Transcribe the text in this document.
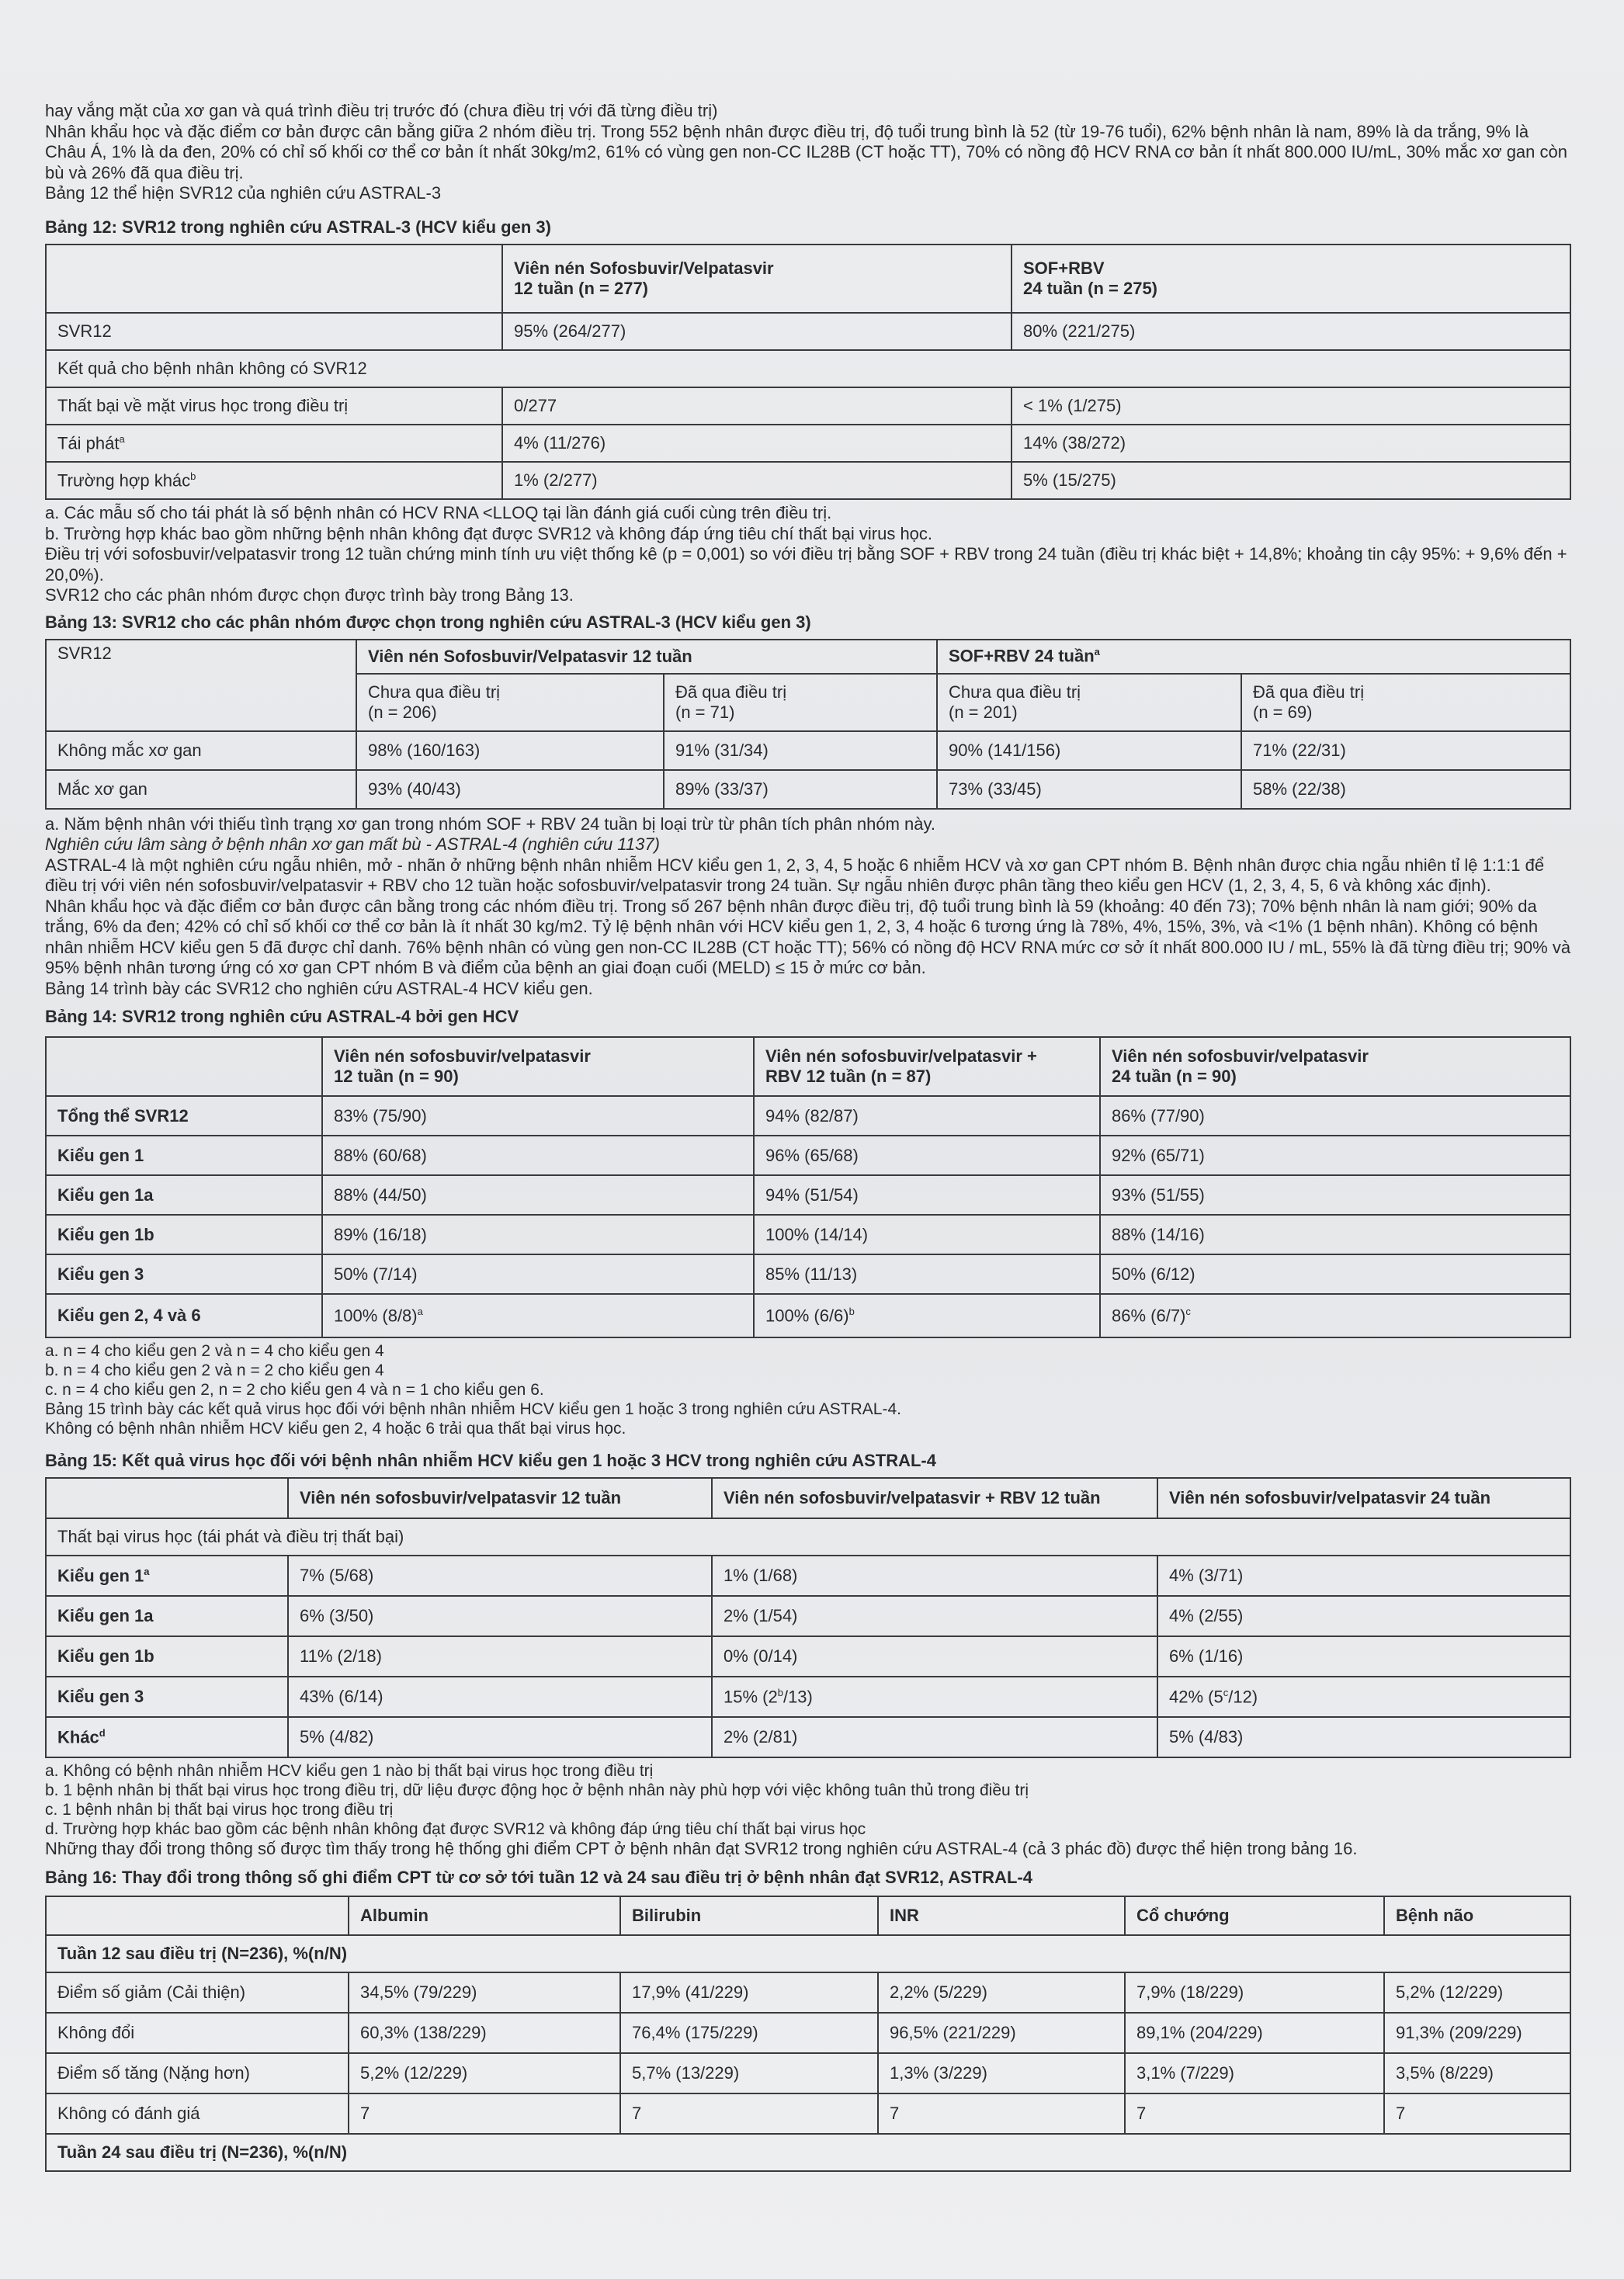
hay vắng mặt của xơ gan và quá trình điều trị trước đó (chưa điều trị với đã từng điều trị)

Nhân khẩu học và đặc điểm cơ bản được cân bằng giữa 2 nhóm điều trị. Trong 552 bệnh nhân được điều trị, độ tuổi trung bình là 52 (từ 19-76 tuổi), 62% bệnh nhân là nam, 89% là da trắng, 9% là Châu Á, 1% là da đen, 20% có chỉ số khối cơ thể cơ bản ít nhất 30kg/m2, 61% có vùng gen non-CC IL28B (CT hoặc TT), 70% có nồng độ HCV RNA cơ bản ít nhất 800.000 IU/mL, 30% mắc xơ gan còn bù và 26% đã qua điều trị.

Bảng 12 thể hiện SVR12 của nghiên cứu ASTRAL-3

Bảng 12: SVR12 trong nghiên cứu ASTRAL-3 (HCV kiểu gen 3)

	Viên nén Sofosbuvir/Velpatasvir
12 tuần (n = 277)	SOF+RBV
24 tuần (n = 275)
SVR12	95% (264/277)	80% (221/275)
Kết quả cho bệnh nhân không có SVR12		
Thất bại về mặt virus học trong điều trị	0/277	< 1% (1/275)
Tái phát$^a$	4% (11/276)	14% (38/272)
Trường hợp khác$^b$	1% (2/277)	5% (15/275)

a. Các mẫu số cho tái phát là số bệnh nhân có HCV RNA <LLOQ tại lần đánh giá cuối cùng trên điều trị.

b. Trường hợp khác bao gồm những bệnh nhân không đạt được SVR12 và không đáp ứng tiêu chí thất bại virus học.

Điều trị với sofosbuvir/velpatasvir trong 12 tuần chứng minh tính ưu việt thống kê (p = 0,001) so với điều trị bằng SOF + RBV trong 24 tuần (điều trị khác biệt + 14,8%; khoảng tin cậy 95%: + 9,6% đến + 20,0%).

SVR12 cho các phân nhóm được chọn được trình bày trong Bảng 13.

Bảng 13: SVR12 cho các phân nhóm được chọn trong nghiên cứu ASTRAL-3 (HCV kiểu gen 3)

SVR12	Viên nén Sofosbuvir/Velpatasvir 12 tuần		SOF+RBV 24 tuần$^a$
	Chưa qua điều trị
(n = 206)	Đã qua điều trị
(n = 71)	Chưa qua điều trị
(n = 201)	Đã qua điều trị
(n = 69)
Không mắc xơ gan	98% (160/163)	91% (31/34)	90% (141/156)	71% (22/31)
Mắc xơ gan	93% (40/43)	89% (33/37)	73% (33/45)	58% (22/38)

a. Năm bệnh nhân với thiếu tình trạng xơ gan trong nhóm SOF + RBV 24 tuần bị loại trừ từ phân tích phân nhóm này.

Nghiên cứu lâm sàng ở bệnh nhân xơ gan mất bù - ASTRAL-4 (nghiên cứu 1137)

ASTRAL-4 là một nghiên cứu ngẫu nhiên, mở - nhãn ở những bệnh nhân nhiễm HCV kiểu gen 1, 2, 3, 4, 5 hoặc 6 nhiễm HCV và xơ gan CPT nhóm B. Bệnh nhân được chia ngẫu nhiên tỉ lệ 1:1:1 để điều trị với viên nén sofosbuvir/velpatasvir + RBV cho 12 tuần hoặc sofosbuvir/velpatasvir trong 24 tuần. Sự ngẫu nhiên được phân tầng theo kiểu gen HCV (1, 2, 3, 4, 5, 6 và không xác định).

Nhân khẩu học và đặc điểm cơ bản được cân bằng trong các nhóm điều trị. Trong số 267 bệnh nhân được điều trị, độ tuổi trung bình là 59 (khoảng: 40 đến 73); 70% bệnh nhân là nam giới; 90% da trắng, 6% da đen; 42% có chỉ số khối cơ thể cơ bản là ít nhất 30 kg/m2. Tỷ lệ bệnh nhân với HCV kiểu gen 1, 2, 3, 4 hoặc 6 tương ứng là 78%, 4%, 15%, 3%, và <1% (1 bệnh nhân). Không có bệnh nhân nhiễm HCV kiểu gen 5 đã được chỉ danh. 76% bệnh nhân có vùng gen non-CC IL28B (CT hoặc TT); 56% có nồng độ HCV RNA mức cơ sở ít nhất 800.000 IU / mL, 55% là đã từng điều trị; 90% và 95% bệnh nhân tương ứng có xơ gan CPT nhóm B và điểm của bệnh an giai đoạn cuối (MELD) ≤ 15 ở mức cơ bản.

Bảng 14 trình bày các SVR12 cho nghiên cứu ASTRAL-4 HCV kiểu gen.

Bảng 14: SVR12 trong nghiên cứu ASTRAL-4 bởi gen HCV

	Viên nén sofosbuvir/velpatasvir
12 tuần (n = 90)	Viên nén sofosbuvir/velpatasvir +
RBV 12 tuần (n = 87)	Viên nén sofosbuvir/velpatasvir
24 tuần (n = 90)
Tổng thể SVR12	83% (75/90)	94% (82/87)	86% (77/90)
Kiểu gen 1	88% (60/68)	96% (65/68)	92% (65/71)
Kiểu gen 1a	88% (44/50)	94% (51/54)	93% (51/55)
Kiểu gen 1b	89% (16/18)	100% (14/14)	88% (14/16)
Kiểu gen 3	50% (7/14)	85% (11/13)	50% (6/12)
Kiểu gen 2, 4 và 6	100% $(8/8)^a$	100% $(6/6)^b$	86% $(6/7)^c$

a. n = 4 cho kiểu gen 2 và n = 4 cho kiểu gen 4

b. n = 4 cho kiểu gen 2 và n = 2 cho kiểu gen 4

c. n = 4 cho kiểu gen 2, n = 2 cho kiểu gen 4 và n = 1 cho kiểu gen 6.

Bảng 15 trình bày các kết quả virus học đối với bệnh nhân nhiễm HCV kiểu gen 1 hoặc 3 trong nghiên cứu ASTRAL-4.

Không có bệnh nhân nhiễm HCV kiểu gen 2, 4 hoặc 6 trải qua thất bại virus học.

Bảng 15: Kết quả virus học đối với bệnh nhân nhiễm HCV kiểu gen 1 hoặc 3 HCV trong nghiên cứu ASTRAL-4

	Viên nén sofosbuvir/velpatasvir 12 tuần	Viên nén sofosbuvir/velpatasvir + RBV 12 tuần	Viên nén sofosbuvir/velpatasvir 24 tuần
Thất bại virus học (tái phát và điều trị thất bại)			
Kiểu gen 1$^a$	7% (5/68)	1% (1/68)	4% (3/71)
Kiểu gen 1a	6% (3/50)	2% (1/54)	4% (2/55)
Kiểu gen 1b	11% (2/18)	0% (0/14)	6% (1/16)
Kiểu gen 3	43% (6/14)	15% (2$^b$/13)	42% (5$^c$/12)
Khác$^d$	5% (4/82)	2% (2/81)	5% (4/83)

a. Không có bệnh nhân nhiễm HCV kiểu gen 1 nào bị thất bại virus học trong điều trị

b. 1 bệnh nhân bị thất bại virus học trong điều trị, dữ liệu được động học ở bệnh nhân này phù hợp với việc không tuân thủ trong điều trị

c. 1 bệnh nhân bị thất bại virus học trong điều trị

d. Trường hợp khác bao gồm các bệnh nhân không đạt được SVR12 và không đáp ứng tiêu chí thất bại virus học

Những thay đổi trong thông số được tìm thấy trong hệ thống ghi điểm CPT ở bệnh nhân đạt SVR12 trong nghiên cứu ASTRAL-4 (cả 3 phác đồ) được thể hiện trong bảng 16.

Bảng 16: Thay đổi trong thông số ghi điểm CPT từ cơ sở tới tuần 12 và 24 sau điều trị ở bệnh nhân đạt SVR12, ASTRAL-4

	Albumin	Bilirubin	INR	Cổ chướng	Bệnh não
Tuần 12 sau điều trị (N=236), %(n/N)					
Điểm số giảm (Cải thiện)	34,5% (79/229)	17,9% (41/229)	2,2% (5/229)	7,9% (18/229)	5,2% (12/229)
Không đổi	60,3% (138/229)	76,4% (175/229)	96,5% (221/229)	89,1% (204/229)	91,3% (209/229)
Điểm số tăng (Nặng hơn)	5,2% (12/229)	5,7% (13/229)	1,3% (3/229)	3,1% (7/229)	3,5% (8/229)
Không có đánh giá	7	7	7	7	7
Tuần 24 sau điều trị (N=236), %(n/N)					
